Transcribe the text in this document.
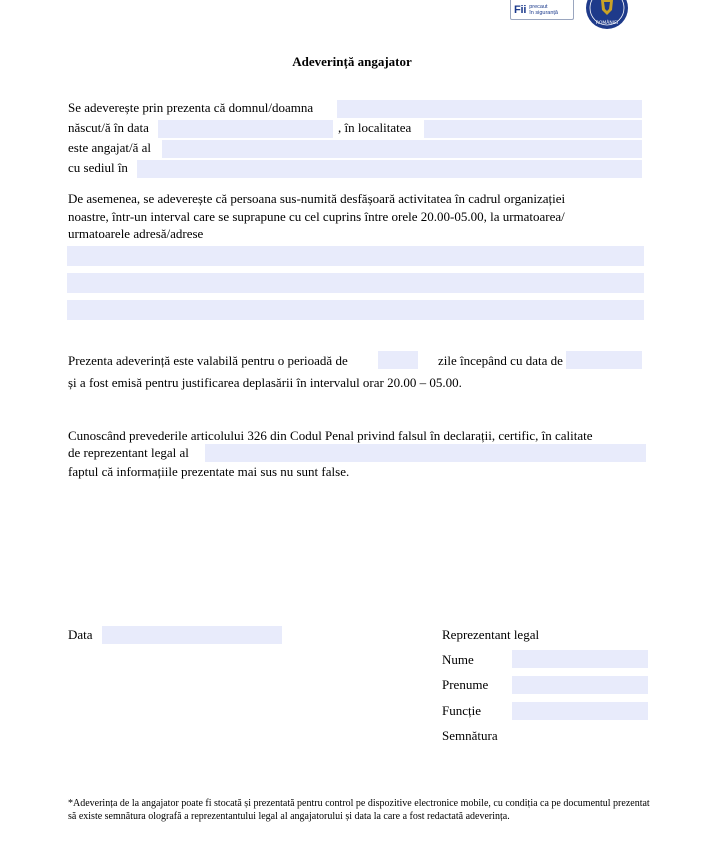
Fii precaut
în siguranță
ROMÂNIEI
Adeverință angajator
Se adeverește prin prezenta că domnul/doamna
născut/ă în data	, în localitatea
este angajat/ă al
cu sediul în
De asemenea, se adeverește că persoana sus-numită desfășoară activitatea în cadrul organizației
noastre, într-un interval care se suprapune cu cel cuprins între orele 20.00-05.00, la urmatoarea/
urmatoarele adresă/adrese
Prezenta adeverință este valabilă pentru o perioadă de	zile începând cu data de
și a fost emisă pentru justificarea deplasării în intervalul orar 20.00 – 05.00.
Cunoscând prevederile articolului 326 din Codul Penal privind falsul în declarații, certific, în calitate
de reprezentant legal al
faptul că informațiile prezentate mai sus nu sunt false.
Data	Reprezentant legal
Nume
Prenume
Funcție
Semnătura
*Adeverința de la angajator poate fi stocată și prezentată pentru control pe dispozitive electronice mobile, cu condiția ca pe documentul prezentat să existe semnătura olografă a reprezentantului legal al angajatorului și data la care a fost redactată adeverința.
